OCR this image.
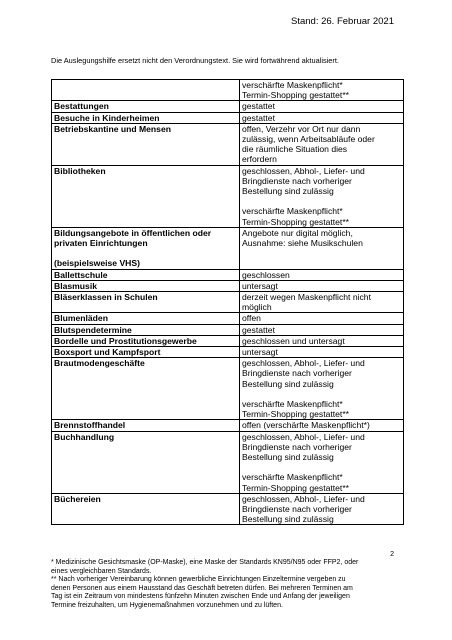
Stand: 26. Februar 2021
Die Auslegungshilfe ersetzt nicht den Verordnungstext. Sie wird fortwährend aktualisiert.

	verschärfte Maskenpflicht*
Termin-Shopping gestattet**

Bestattungen	gestattet

Besuche in Kinderheimen	gestattet

Betriebskantine und Mensen	offen, Verzehr vor Ort nur dann
zulässig, wenn Arbeitsabläufe oder
die räumliche Situation dies
erfordern

Bibliotheken	geschlossen, Abhol-, Liefer- und
Bringdienste nach vorheriger
Bestellung sind zulässig
verschärfte Maskenpflicht*
Termin-Shopping gestattet**

Bildungsangebote in öffentlichen oder
privaten Einrichtungen
(beispielsweise VHS)	Angebote nur digital möglich,
Ausnahme: siehe Musikschulen

Ballettschule	geschlossen

Blasmusik	untersagt

Bläserklassen in Schulen	derzeit wegen Maskenpflicht nicht
möglich

Blumenläden	offen

Blutspendetermine	gestattet

Bordelle und Prostitutionsgewerbe	geschlossen und untersagt

Boxsport und Kampfsport	untersagt

Brautmodengeschäfte	geschlossen, Abhol-, Liefer- und
Bringdienste nach vorheriger
Bestellung sind zulässig
verschärfte Maskenpflicht*
Termin-Shopping gestattet**

Brennstoffhandel	offen (verschärfte Maskenpflicht*)

Buchhandlung	geschlossen, Abhol-, Liefer- und
Bringdienste nach vorheriger
Bestellung sind zulässig
verschärfte Maskenpflicht*
Termin-Shopping gestattet**

Büchereien	geschlossen, Abhol-, Liefer- und
Bringdienste nach vorheriger
Bestellung sind zulässig
2
* Medizinische Gesichtsmaske (OP-Maske), eine Maske der Standards KN95/N95 oder FFP2, oder
eines vergleichbaren Standards.
** Nach vorheriger Vereinbarung können gewerbliche Einrichtungen Einzeltermine vergeben zu
denen Personen aus einem Hausstand das Geschäft betreten dürfen. Bei mehreren Terminen am
Tag ist ein Zeitraum von mindestens fünfzehn Minuten zwischen Ende und Anfang der jeweiligen
Termine freizuhalten, um Hygienemaßnahmen vorzunehmen und zu lüften.
